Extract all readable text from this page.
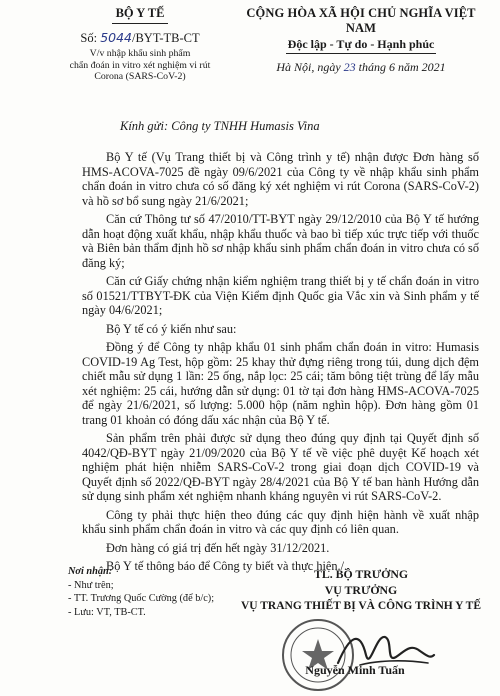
BỘ Y TẾ
Số: 5044/BYT-TB-CT
V/v nhập khẩu sinh phẩm
chẩn đoán in vitro xét nghiệm vi rút
Corona (SARS-CoV-2)
CỘNG HÒA XÃ HỘI CHỦ NGHĨA VIỆT NAM
Độc lập - Tự do - Hạnh phúc
Hà Nội, ngày 23 tháng 6 năm 2021
Kính gửi: Công ty TNHH Humasis Vina

Bộ Y tế (Vụ Trang thiết bị và Công trình y tế) nhận được Đơn hàng số HMS-ACOVA-7025 đề ngày 09/6/2021 của Công ty về nhập khẩu sinh phẩm chẩn đoán in vitro chưa có số đăng ký xét nghiệm vi rút Corona (SARS-CoV-2) và hồ sơ bổ sung ngày 21/6/2021;

Căn cứ Thông tư số 47/2010/TT-BYT ngày 29/12/2010 của Bộ Y tế hướng dẫn hoạt động xuất khẩu, nhập khẩu thuốc và bao bì tiếp xúc trực tiếp với thuốc và Biên bản thẩm định hồ sơ nhập khẩu sinh phẩm chẩn đoán in vitro chưa có số đăng ký;

Căn cứ Giấy chứng nhận kiểm nghiệm trang thiết bị y tế chẩn đoán in vitro số 01521/TTBYT-ĐK của Viện Kiểm định Quốc gia Vắc xin và Sinh phẩm y tế ngày 04/6/2021;

Bộ Y tế có ý kiến như sau:

Đồng ý để Công ty nhập khẩu 01 sinh phẩm chẩn đoán in vitro: Humasis COVID-19 Ag Test, hộp gồm: 25 khay thử đựng riêng trong túi, dung dịch đệm chiết mẫu sử dụng 1 lần: 25 ống, nắp lọc: 25 cái; tăm bông tiệt trùng để lấy mẫu xét nghiệm: 25 cái, hướng dẫn sử dụng: 01 tờ tại đơn hàng HMS-ACOVA-7025 để ngày 21/6/2021, số lượng: 5.000 hộp (năm nghìn hộp). Đơn hàng gồm 01 trang 01 khoản có đóng dấu xác nhận của Bộ Y tế.

Sản phẩm trên phải được sử dụng theo đúng quy định tại Quyết định số 4042/QĐ-BYT ngày 21/09/2020 của Bộ Y tế về việc phê duyệt Kế hoạch xét nghiệm phát hiện nhiễm SARS-CoV-2 trong giai đoạn dịch COVID-19 và Quyết định số 2022/QĐ-BYT ngày 28/4/2021 của Bộ Y tế ban hành Hướng dẫn sử dụng sinh phẩm xét nghiệm nhanh kháng nguyên vi rút SARS-CoV-2.

Công ty phải thực hiện theo đúng các quy định hiện hành về xuất nhập khẩu sinh phẩm chẩn đoán in vitro và các quy định có liên quan.

Đơn hàng có giá trị đến hết ngày 31/12/2021.

Bộ Y tế thông báo để Công ty biết và thực hiện./.

Nơi nhận:
- Như trên;
- TT. Trương Quốc Cường (để b/c);
- Lưu: VT, TB-CT.
TL. BỘ TRƯỞNG
VỤ TRƯỞNG
VỤ TRANG THIẾT BỊ VÀ CÔNG TRÌNH Y TẾ
Nguyễn Minh Tuấn
